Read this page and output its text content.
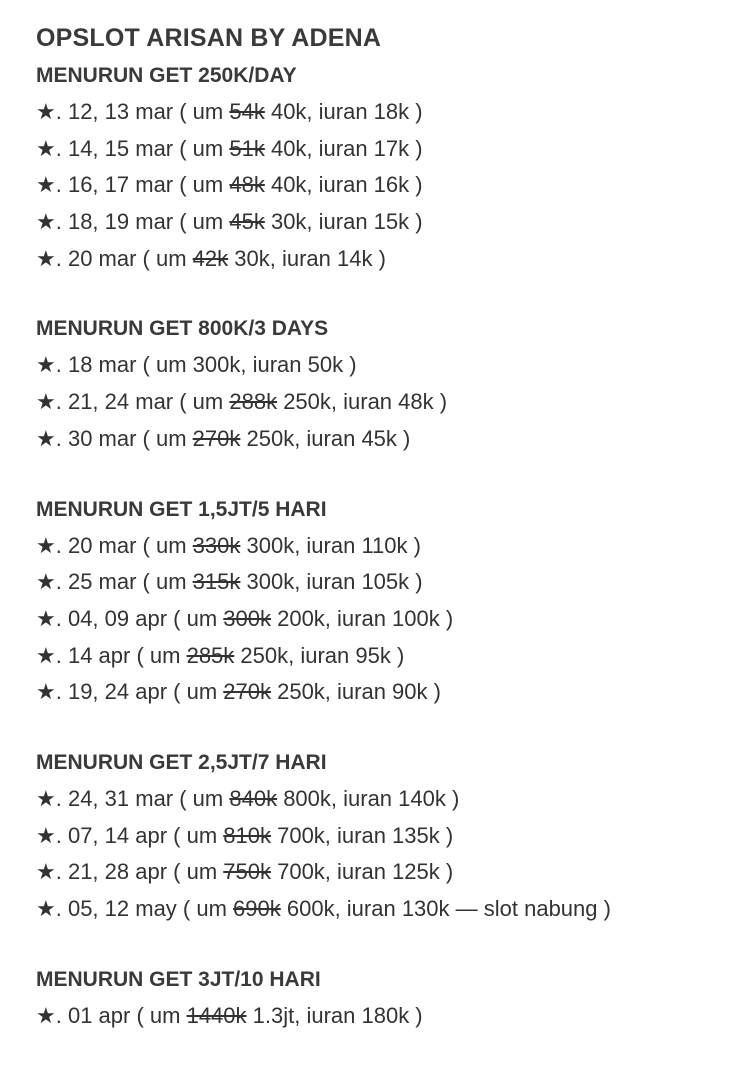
OPSLOT ARISAN BY ADENA
MENURUN GET 250K/DAY
★. 12, 13 mar ( um 54k 40k, iuran 18k )
★. 14, 15 mar ( um 51k 40k, iuran 17k )
★. 16, 17 mar ( um 48k 40k, iuran 16k )
★. 18, 19 mar ( um 45k 30k, iuran 15k )
★. 20 mar ( um 42k 30k, iuran 14k )
MENURUN GET 800K/3 DAYS
★. 18 mar ( um 300k, iuran 50k )
★. 21, 24 mar ( um 288k 250k, iuran 48k )
★. 30 mar ( um 270k 250k, iuran 45k )
MENURUN GET 1,5JT/5 HARI
★. 20 mar ( um 330k 300k, iuran 110k )
★. 25 mar ( um 315k 300k, iuran 105k )
★. 04, 09 apr ( um 300k 200k, iuran 100k )
★. 14 apr ( um 285k 250k, iuran 95k )
★. 19, 24 apr ( um 270k 250k, iuran 90k )
MENURUN GET 2,5JT/7 HARI
★. 24, 31 mar ( um 840k 800k, iuran 140k )
★. 07, 14 apr ( um 810k 700k, iuran 135k )
★. 21, 28 apr ( um 750k 700k, iuran 125k )
★. 05, 12 may ( um 690k 600k, iuran 130k — slot nabung )
MENURUN GET 3JT/10 HARI
★. 01 apr ( um 1440k 1.3jt, iuran 180k )
